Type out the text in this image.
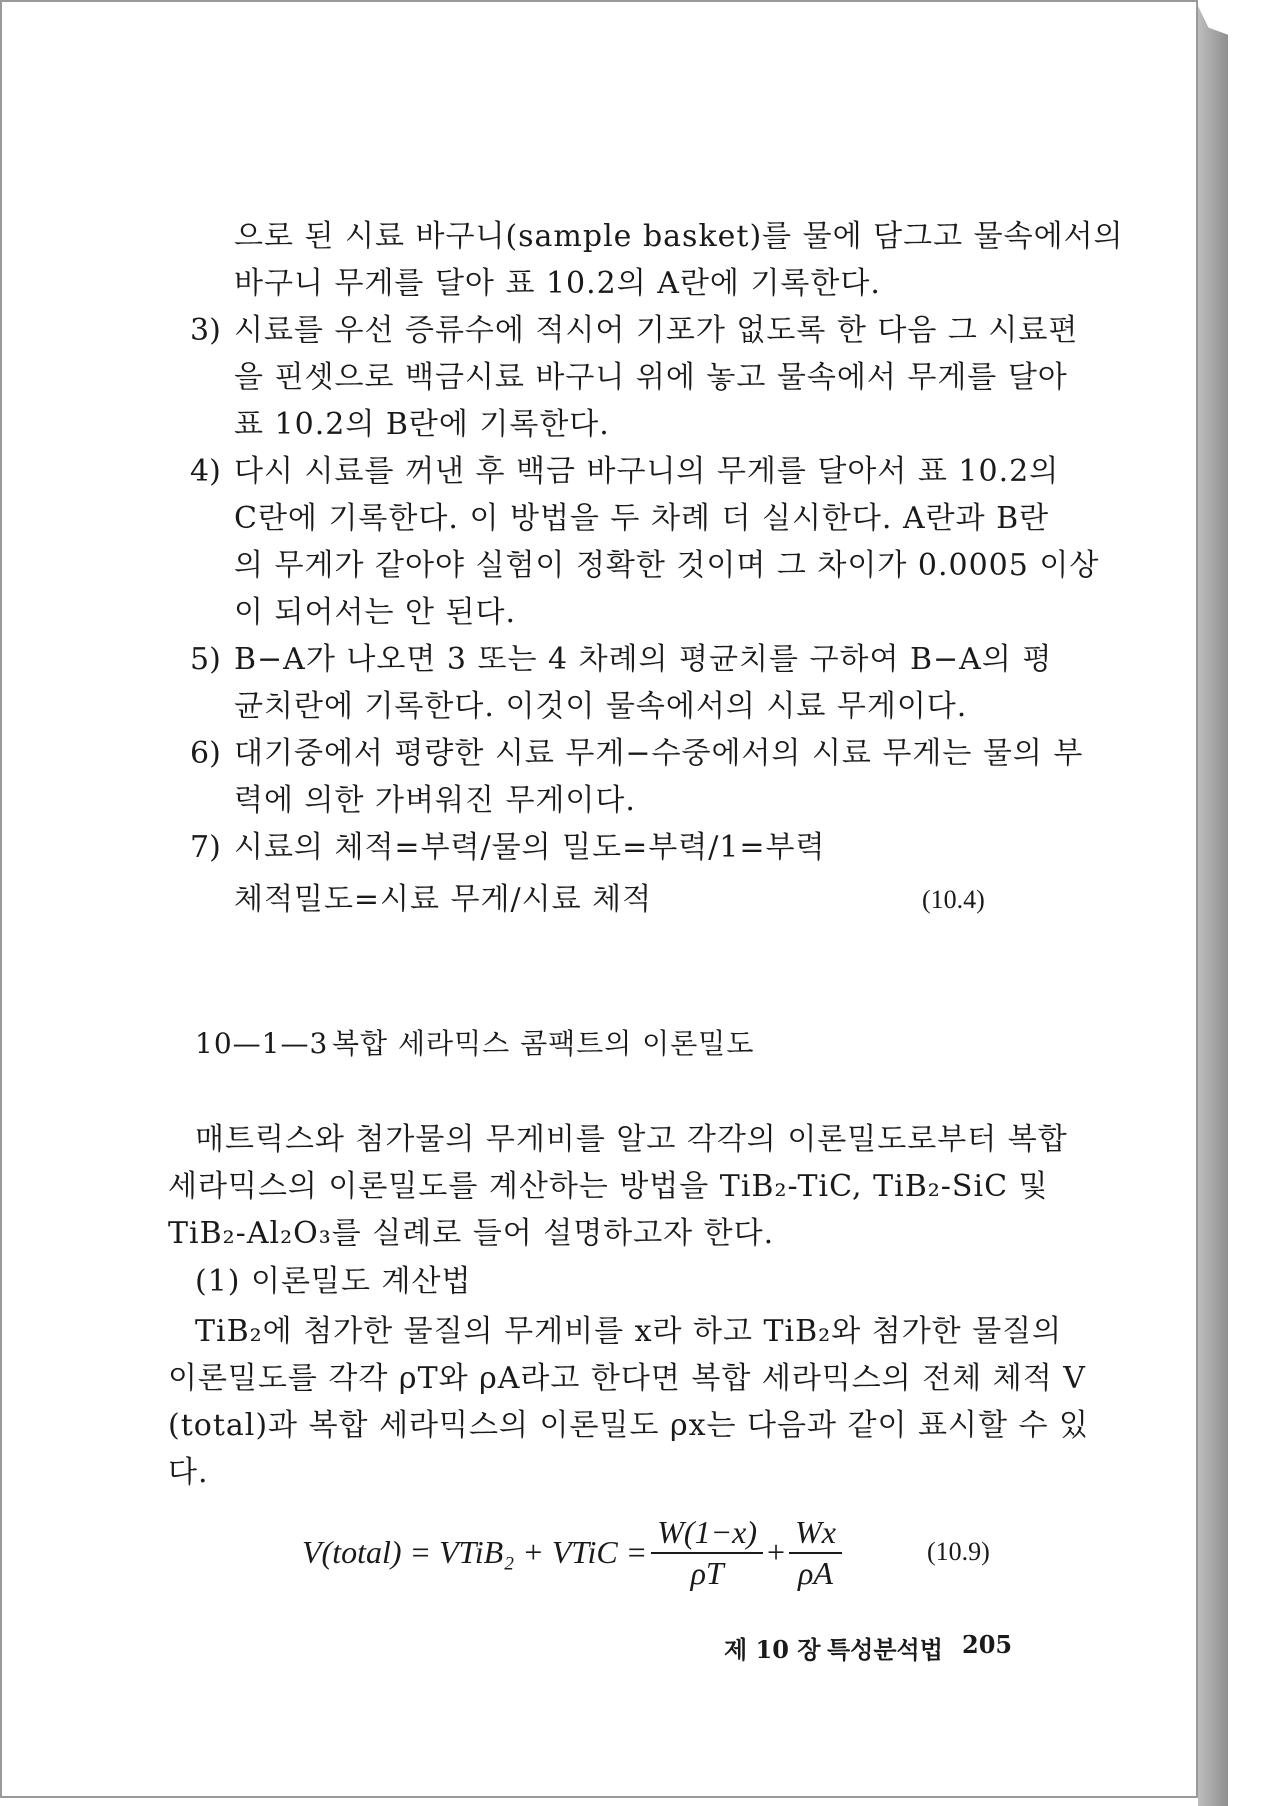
으로 된 시료 바구니(sample basket)를 물에 담그고 물속에서의
바구니 무게를 달아 표 10.2의 A란에 기록한다.
3) 시료를 우선 증류수에 적시어 기포가 없도록 한 다음 그 시료편
을 핀셋으로 백금시료 바구니 위에 놓고 물속에서 무게를 달아
표 10.2의 B란에 기록한다.
4) 다시 시료를 꺼낸 후 백금 바구니의 무게를 달아서 표 10.2의
C란에 기록한다. 이 방법을 두 차례 더 실시한다. A란과 B란
의 무게가 같아야 실험이 정확한 것이며 그 차이가 0.0005 이상
이 되어서는 안 된다.
5) B−A가 나오면 3 또는 4 차례의 평균치를 구하여 B−A의 평
균치란에 기록한다. 이것이 물속에서의 시료 무게이다.
6) 대기중에서 평량한 시료 무게−수중에서의 시료 무게는 물의 부
력에 의한 가벼워진 무게이다.
7) 시료의 체적=부력/물의 밀도=부력/1=부력
체적밀도=시료 무게/시료 체적	(10.4)
10—1—3 복합 세라믹스 콤팩트의 이론밀도
매트릭스와 첨가물의 무게비를 알고 각각의 이론밀도로부터 복합
세라믹스의 이론밀도를 계산하는 방법을 TiB₂-TiC, TiB₂-SiC 및
TiB₂-Al₂O₃를 실례로 들어 설명하고자 한다.
(1) 이론밀도 계산법
TiB₂에 첨가한 물질의 무게비를 x라 하고 TiB₂와 첨가한 물질의
이론밀도를 각각 ρT와 ρA라고 한다면 복합 세라믹스의 전체 체적 V
(total)과 복합 세라믹스의 이론밀도 ρx는 다음과 같이 표시할 수 있
다.
V(total) = VTiB₂ + VTiC = $\frac{W(1-x)}{\rho T} + \frac{Wx}{\rho A}$	(10.9)
제 10 장 특성분석법 205
